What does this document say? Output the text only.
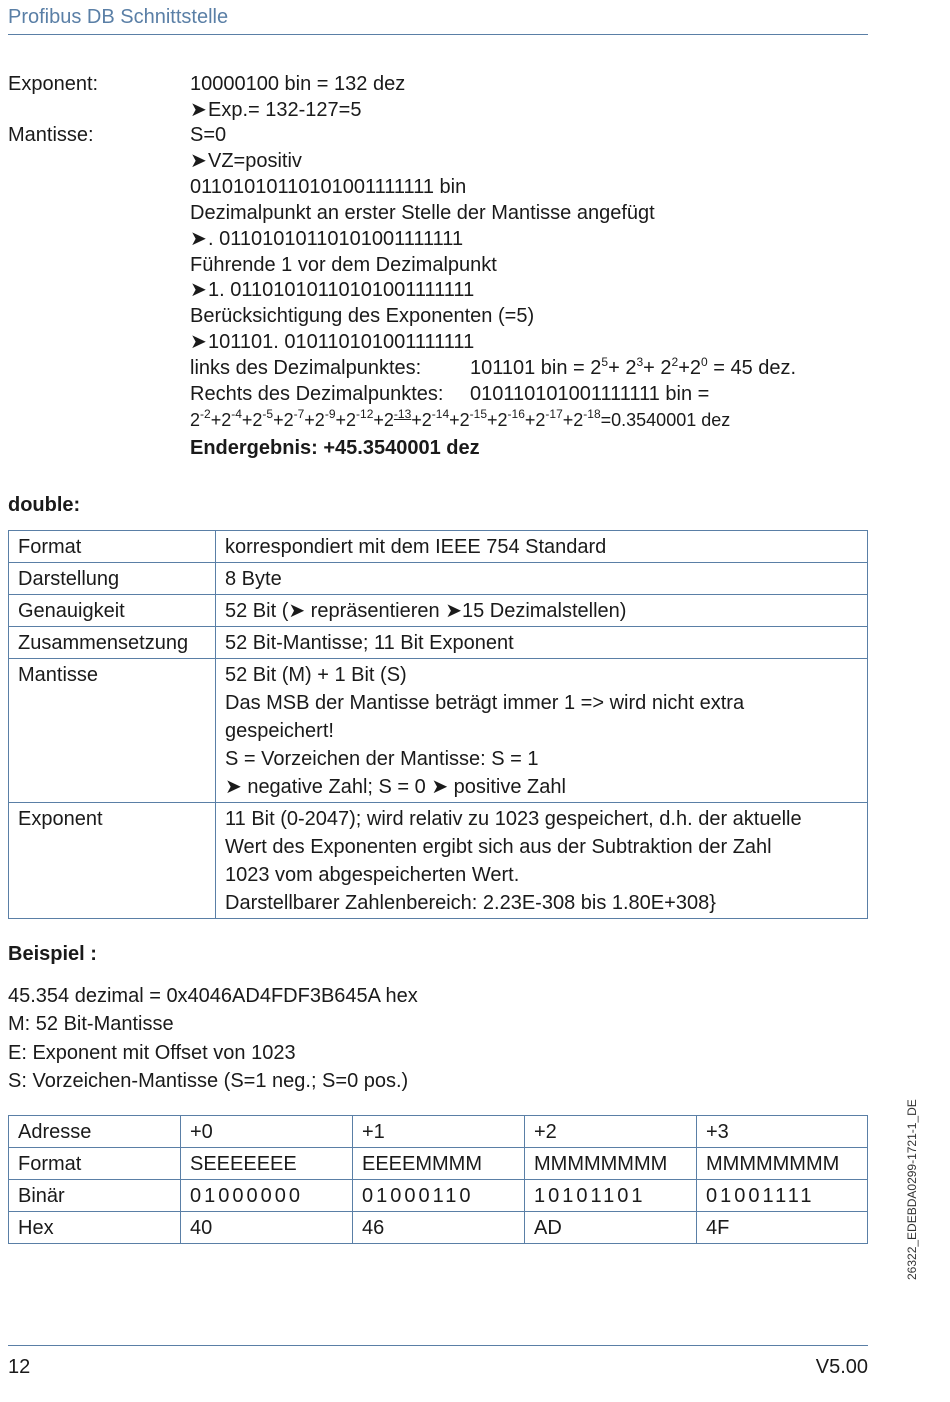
Profibus DB Schnittstelle
Exponent:	10000100 bin = 132 dez
➤Exp.= 132-127=5
Mantisse:	S=0
➤VZ=positiv
01101010110101001111111 bin
Dezimalpunkt an erster Stelle der Mantisse angefügt
➤. 01101010110101001111111
Führende 1 vor dem Dezimalpunkt
➤1. 01101010110101001111111
Berücksichtigung des Exponenten (=5)
➤101101. 010110101001111111
links des Dezimalpunktes: 101101 bin = $2^5+ 2^3+ 2^2+2^0 = 45$ dez.
Rechts des Dezimalpunktes: 010110101001111111 bin =
$2^{-2}+2^{-4}+2^{-5}+2^{-7}+2^{-9}+2^{-12}+2^{-13}+2^{-14}+2^{-15}+2^{-16}+2^{-17}+2^{-18}=0.3540001$ dez
Endergebnis: +45.3540001 dez
double:
Format	korrespondiert mit dem IEEE 754 Standard

Darstellung	8 Byte

Genauigkeit	52 Bit (➤ repräsentieren ➤15 Dezimalstellen)

Zusammensetzung	52 Bit-Mantisse; 11 Bit Exponent

Mantisse	52 Bit (M) + 1 Bit (S)
Das MSB der Mantisse beträgt immer 1 => wird nicht extra
gespeichert!
S = Vorzeichen der Mantisse: S = 1
➤ negative Zahl; S = 0 ➤ positive Zahl

Exponent	11 Bit (0-2047); wird relativ zu 1023 gespeichert, d.h. der aktuelle
Wert des Exponenten ergibt sich aus der Subtraktion der Zahl
1023 vom abgespeicherten Wert.
Darstellbarer Zahlenbereich: 2.23E-308 bis 1.80E+308}
Beispiel :
45.354 dezimal = 0x4046AD4FDF3B645A hex
M: 52 Bit-Mantisse
E: Exponent mit Offset von 1023
S: Vorzeichen-Mantisse (S=1 neg.; S=0 pos.)
Adresse	+0	+1	+2	+3
Format	SEEEEEEE	EEEEMMMM	MMMMMMMM	MMMMMMMM
Binär	01000000	01000110	10101101	01001111
Hex	40	46	AD	4F	26322_EDEBDA0299-1721-1_DE
12	V5.00
